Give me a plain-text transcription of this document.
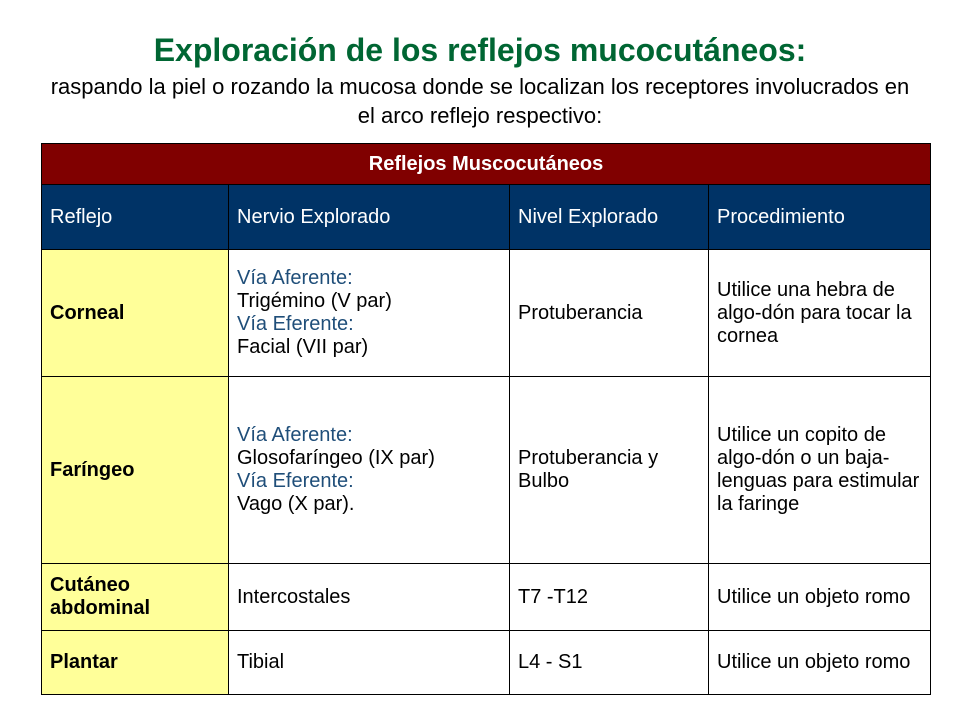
Exploración de los reflejos mucocutáneos:

raspando la piel o rozando la mucosa donde se localizan los receptores involucrados en el arco reflejo respectivo:

Reflejos Muscocutáneos			
Reflejo	Nervio Explorado	Nivel Explorado	Procedimiento
Corneal	Vía Aferente:
Trigémino (V par)
Vía Eferente:
Facial (VII par)	Protuberancia	Utilice una hebra de algo-dón para tocar la cornea
Faríngeo	Vía Aferente:
Glosofaríngeo (IX par)
Vía Eferente:
Vago (X par).	Protuberancia y Bulbo	Utilice un copito de algo-dón o un baja-lenguas para estimular la faringe
Cutáneo abdominal	Intercostales	T7 -T12	Utilice un objeto romo
Plantar	Tibial	L4 - S1	Utilice un objeto romo
